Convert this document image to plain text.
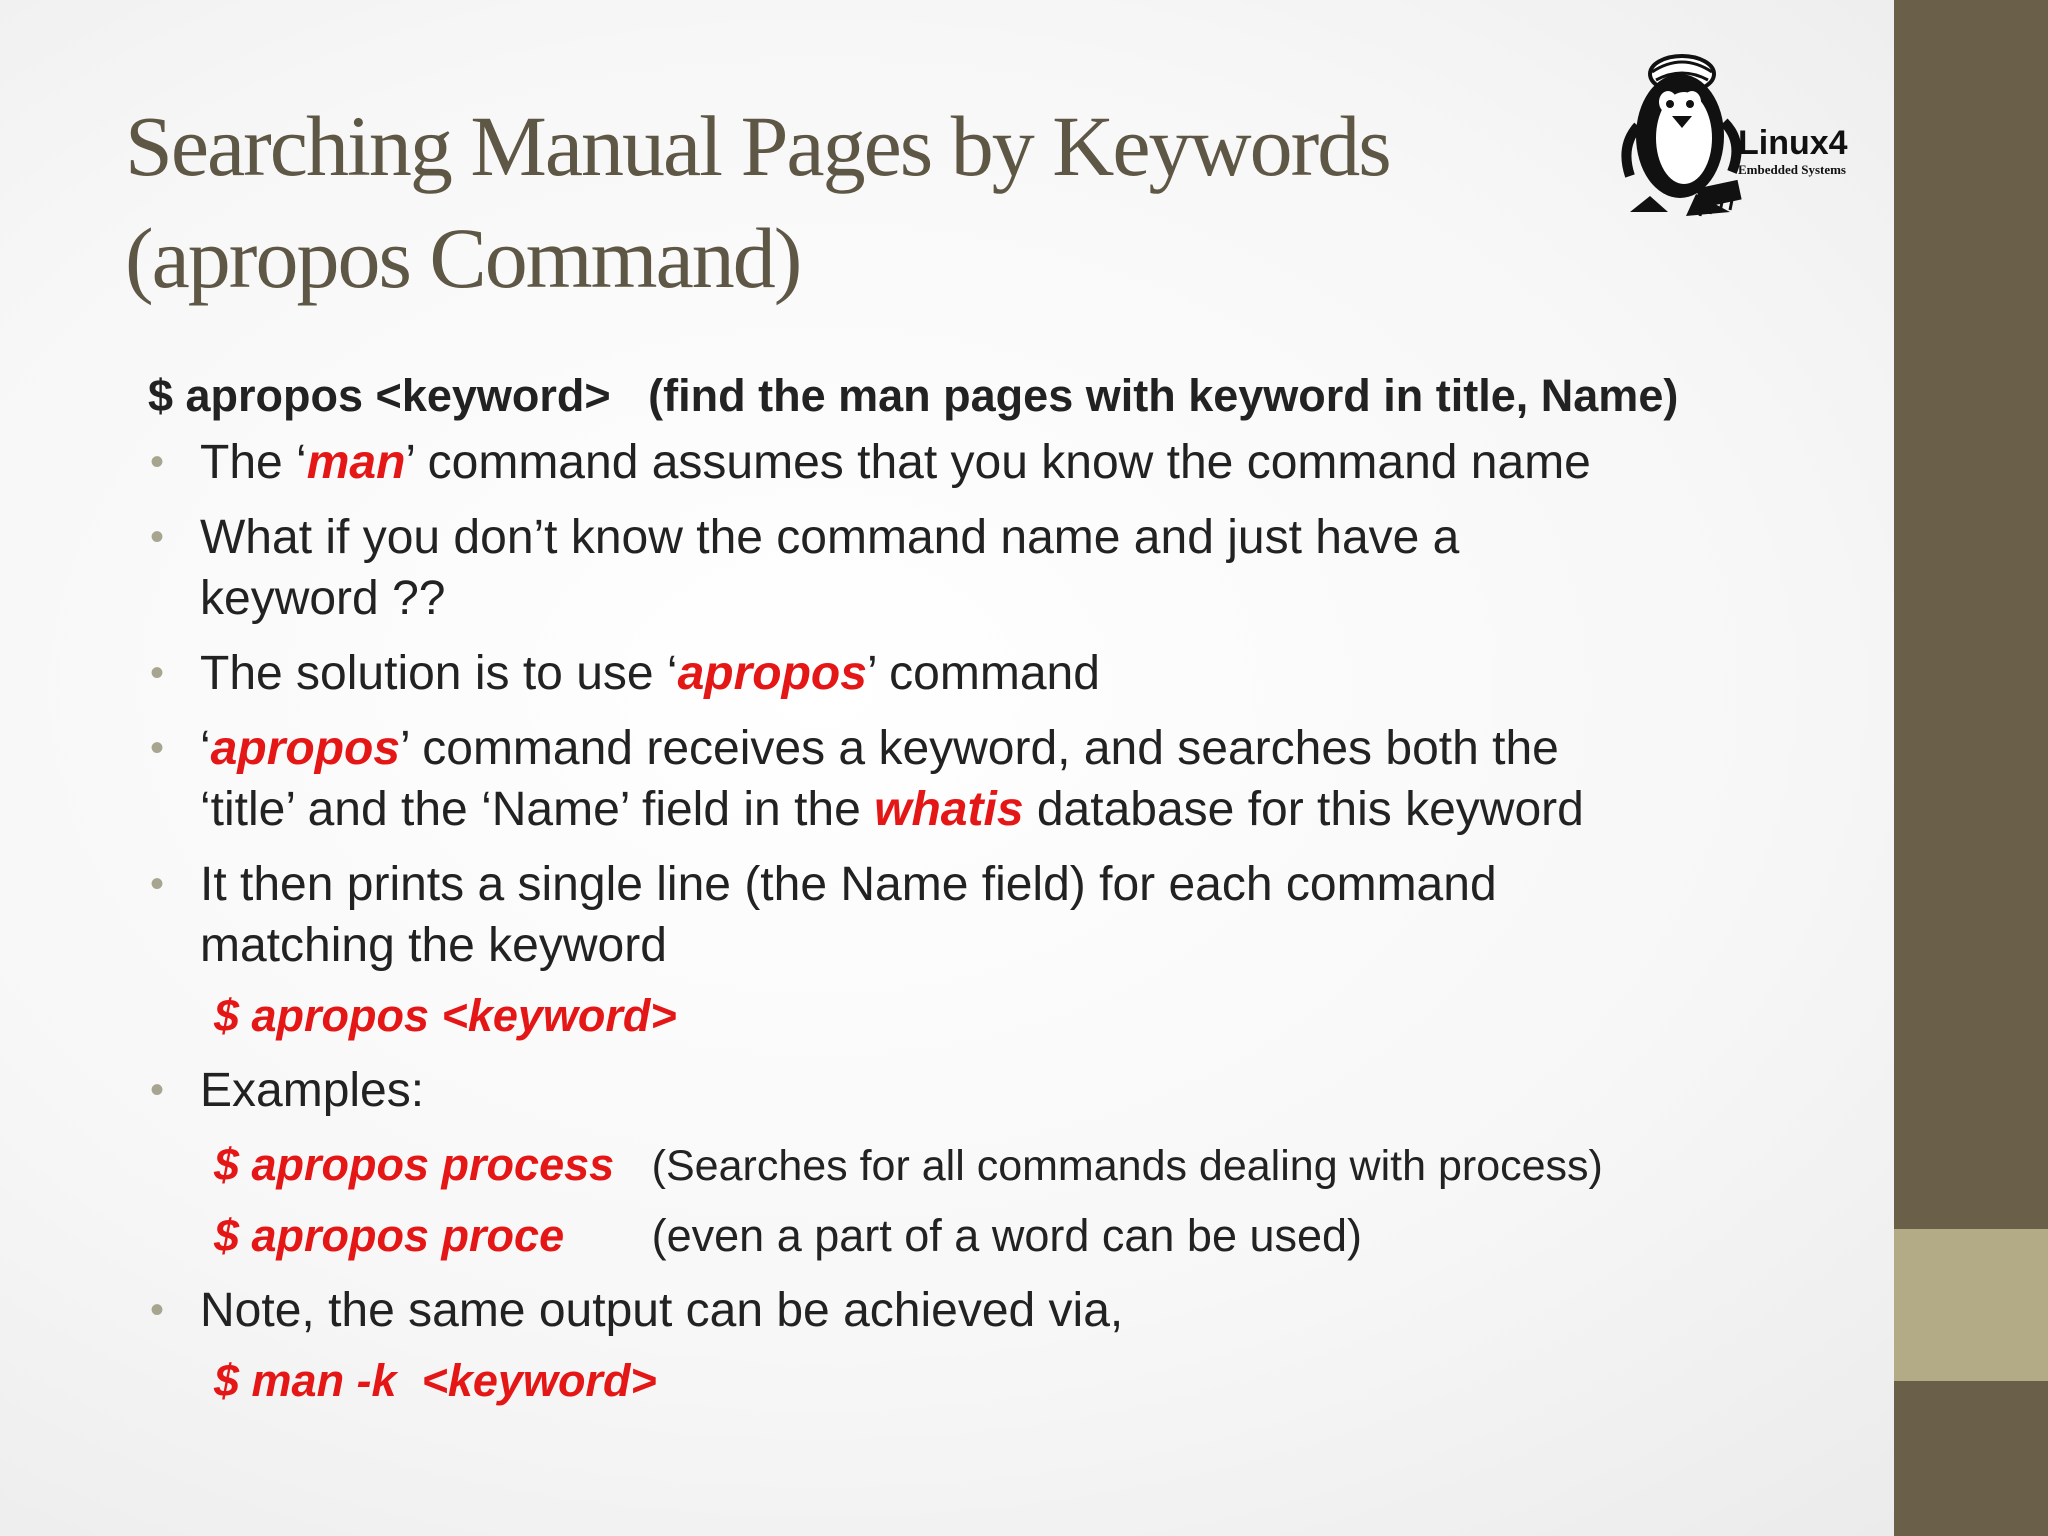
Searching Manual Pages by Keywords
(apropos Command)
Linux4
Embedded Systems
$ apropos <keyword>   (find the man pages with keyword in title, Name)
• The ‘man’ command assumes that you know the command name
• What if you don’t know the command name and just have a
keyword ??
• The solution is to use ‘apropos’ command
• ‘apropos’ command receives a keyword, and searches both the
‘title’ and the ‘Name’ field in the whatis database for this keyword
• It then prints a single line (the Name field) for each command
matching the keyword
$ apropos <keyword>
• Examples:
$ apropos process (Searches for all commands dealing with process)
$ apropos proce (even a part of a word can be used)
• Note, the same output can be achieved via,
$ man -k  <keyword>
